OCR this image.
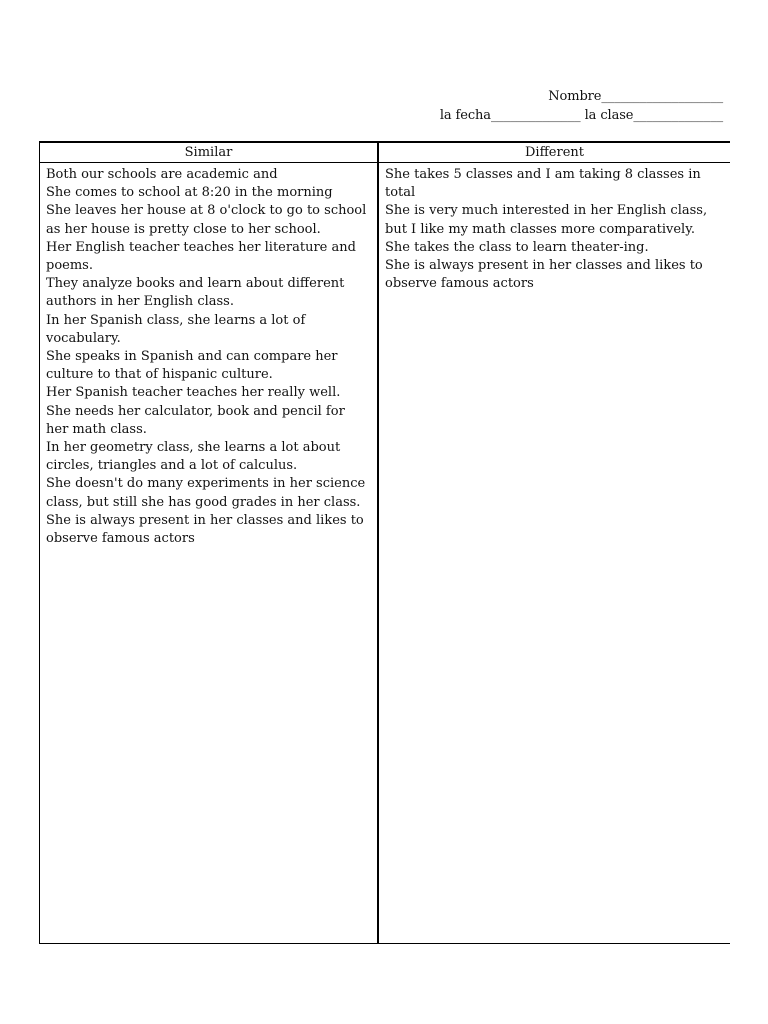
Nombre___________________
la fecha______________ la clase______________
Similar

Both our schools are academic and

She comes to school at 8:20 in the morning

She leaves her house at 8 o'clock to go to school as her house is pretty close to her school.

Her English teacher teaches her literature and poems.

They analyze books and learn about different authors in her English class.

In her Spanish class, she learns a lot of vocabulary.

She speaks in Spanish and can compare her culture to that of hispanic culture.

Her Spanish teacher teaches her really well.

She needs her calculator, book and pencil for her math class.

In her geometry class, she learns a lot about circles, triangles and a lot of calculus.

She doesn't do many experiments in her science class, but still she has good grades in her class.

She is always present in her classes and likes to observe famous actors

Different

She takes 5 classes and I am taking 8 classes in total

She is very much interested in her English class, but I like my math classes more comparatively.

She takes the class to learn theater-ing.

She is always present in her classes and likes to observe famous actors
